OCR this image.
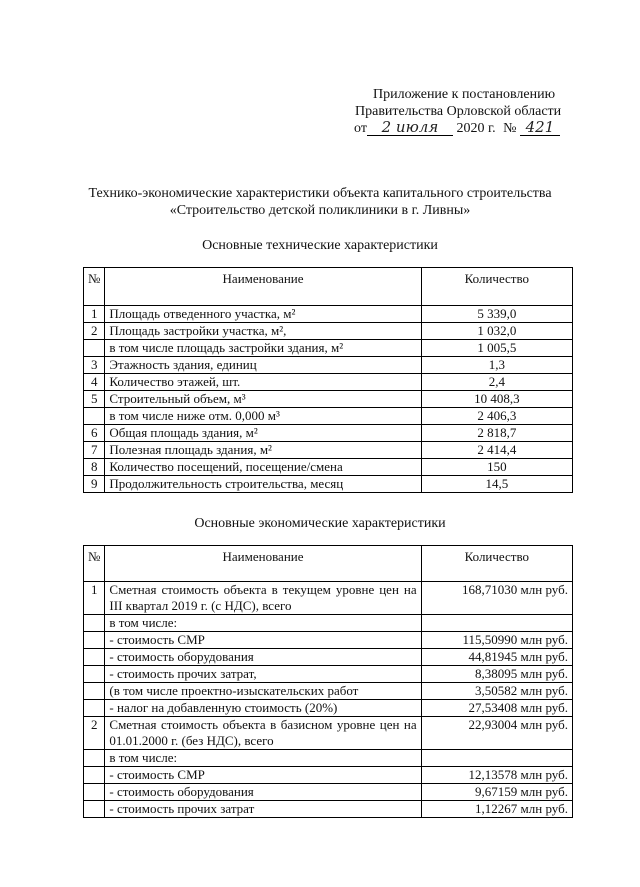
Приложение к постановлению
Правительства Орловской области
от 2 июля 2020 г. № 421
Технико-экономические характеристики объекта капитального строительства
«Строительство детской поликлиники в г. Ливны»
Основные технические характеристики
№	Наименование	Количество
1	Площадь отведенного участка, м²	5 339,0
2	Площадь застройки участка, м²,	1 032,0
	в том числе площадь застройки здания, м²	1 005,5
3	Этажность здания, единиц	1,3
4	Количество этажей, шт.	2,4
5	Строительный объем, м³	10 408,3
	в том числе ниже отм. 0,000 м³	2 406,3
6	Общая площадь здания, м²	2 818,7
7	Полезная площадь здания, м²	2 414,4
8	Количество посещений, посещение/смена	150
9	Продолжительность строительства, месяц	14,5
Основные экономические характеристики
№	Наименование	Количество
1	Сметная стоимость объекта в текущем уровне цен на III квартал 2019 г. (с НДС), всего	168,71030 млн руб.
	в том числе:	
	- стоимость СМР	115,50990 млн руб.
	- стоимость оборудования	44,81945 млн руб.
	- стоимость прочих затрат,	8,38095 млн руб.
	(в том числе проектно-изыскательских работ	3,50582 млн руб.
	- налог на добавленную стоимость (20%)	27,53408 млн руб.
2	Сметная стоимость объекта в базисном уровне цен на 01.01.2000 г. (без НДС), всего	22,93004 млн руб.
	в том числе:	
	- стоимость СМР	12,13578 млн руб.
	- стоимость оборудования	9,67159 млн руб.
	- стоимость прочих затрат	1,12267 млн руб.
